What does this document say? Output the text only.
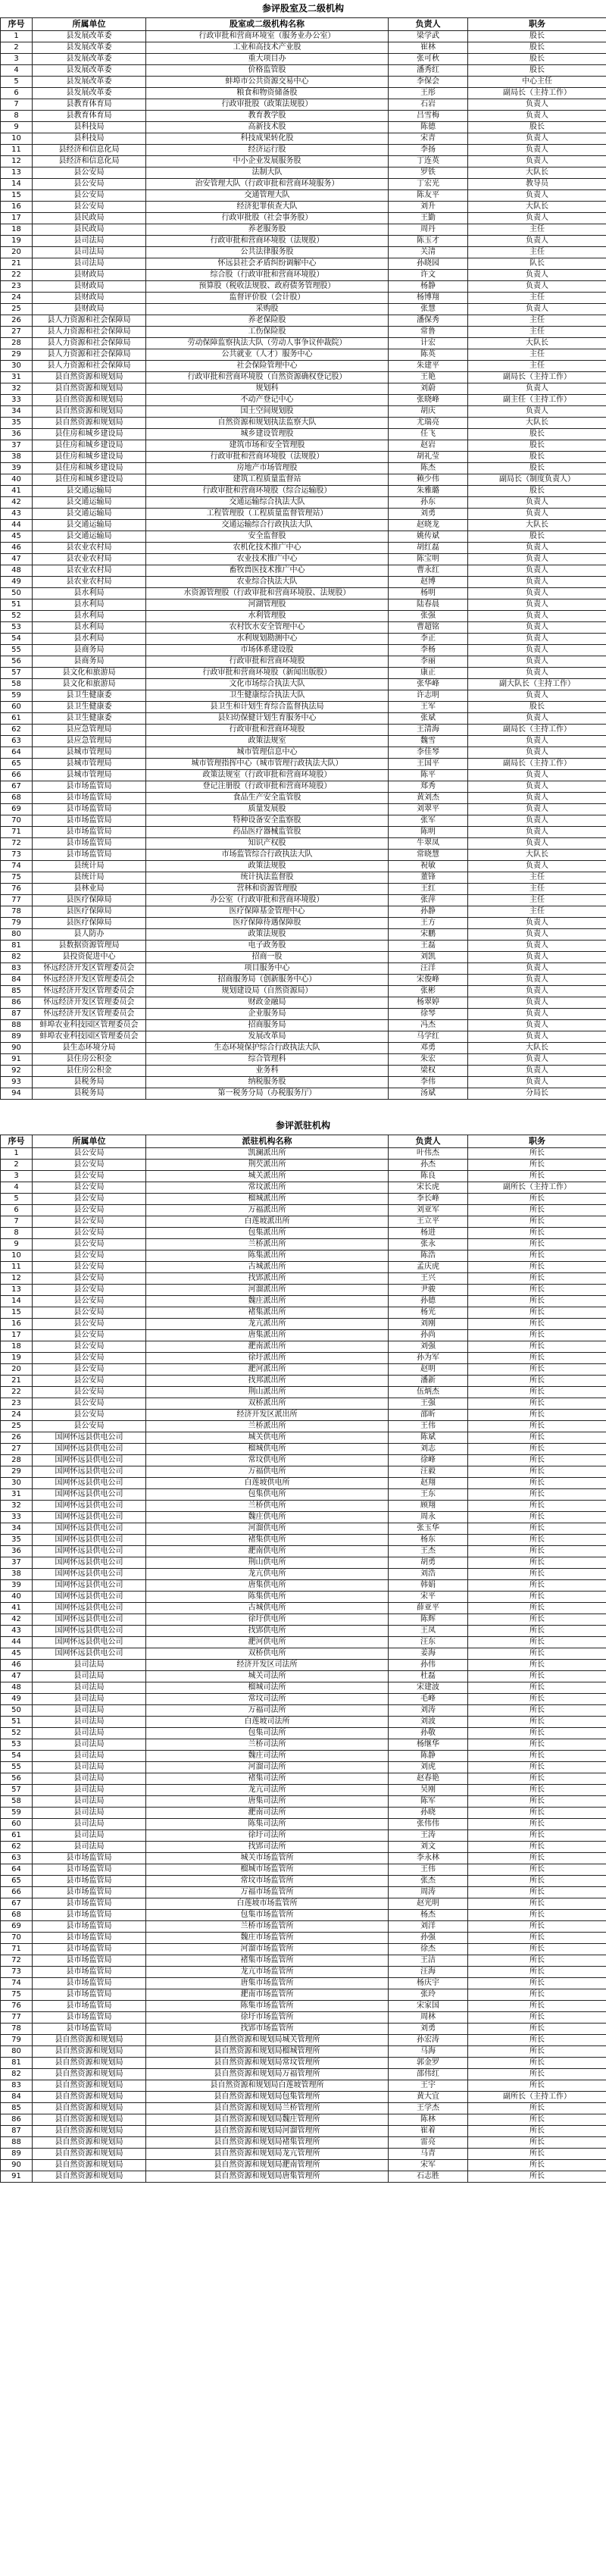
参评股室及二级机构
序号	所属单位	股室或二级机构名称	负责人	职务
1	县发展改革委	行政审批和营商环境室（服务业办公室）	梁学武	股长
2	县发展改革委	工业和高技术产业股	崔林	股长
3	县发展改革委	重大项目办	张可秋	股长
4	县发展改革委	价格监管股	潘秀红	股长
5	县发展改革委	蚌埠市公共资源交易中心	李保会	中心主任
6	县发展改革委	粮食和物资储备股	王彤	副局长（主持工作）
7	县教育体育局	行政审批股（政策法规股）	石岩	负责人
8	县教育体育局	教育教学股	吕雪梅	负责人
9	县科技局	高新技术股	陈德	股长
10	县科技局	科技成果转化股	宋青	负责人
11	县经济和信息化局	经济运行股	李扬	负责人
12	县经济和信息化局	中小企业发展服务股	丁连英	负责人
13	县公安局	法制大队	罗铁	大队长
14	县公安局	治安管理大队（行政审批和营商环境服务）	丁宏光	教导员
15	县公安局	交通管理大队	陈友平	负责人
16	县公安局	经济犯罪侦查大队	刘升	大队长
17	县民政局	行政审批股（社会事务股）	王勤	负责人
18	县民政局	养老服务股	周丹	主任
19	县司法局	行政审批和营商环境股（法规股）	陈玉才	负责人
20	县司法局	公共法律服务股	关清	主任
21	县司法局	怀远县社会矛盾纠纷调解中心	孙晓园	队长
22	县财政局	综合股（行政审批和营商环境股）	许文	负责人
23	县财政局	预算股（税收法规股、政府债务管理股）	杨静	负责人
24	县财政局	监督评价股（会计股）	杨博翔	主任
25	县财政局	采购股	张慧	负责人
26	县人力资源和社会保障局	养老保险股	潘保秀	主任
27	县人力资源和社会保障局	工伤保险股	常鲁	主任
28	县人力资源和社会保障局	劳动保障监察执法大队（劳动人事争议仲裁院）	计宏	大队长
29	县人力资源和社会保障局	公共就业（人才）服务中心	陈英	主任
30	县人力资源和社会保障局	社会保险管理中心	朱建平	主任
31	县自然资源和规划局	行政审批和营商环境股（自然资源确权登记股）	王艳	副局长（主持工作）
32	县自然资源和规划局	规划科	刘蔚	负责人
33	县自然资源和规划局	不动产登记中心	张晓峰	副主任（主持工作）
34	县自然资源和规划局	国土空间规划股	胡庆	负责人
35	县自然资源和规划局	自然资源和规划执法监察大队	尤瑞亮	大队长
36	县住房和城乡建设局	城乡建设管理股	任飞	股长
37	县住房和城乡建设局	建筑市场和安全管理股	赵岩	股长
38	县住房和城乡建设局	行政审批和营商环境股（法规股）	胡礼莹	股长
39	县住房和城乡建设局	房地产市场管理股	陈杰	股长
40	县住房和城乡建设局	建筑工程质量监督站	赖少伟	副局长（制度负责人）
41	县交通运输局	行政审批和营商环境股（综合运输股）	朱雅璐	股长
42	县交通运输局	交通运输综合执法大队	孙东	负责人
43	县交通运输局	工程管理股（工程质量监督管理站）	刘勇	负责人
44	县交通运输局	交通运输综合行政执法大队	赵晓龙	大队长
45	县交通运输局	安全监督股	姚传斌	股长
46	县农业农村局	农机化技术推广中心	胡红磊	负责人
47	县农业农村局	农业技术推广中心	陈宝明	负责人
48	县农业农村局	畜牧兽医技术推广中心	曹永红	负责人
49	县农业农村局	农业综合执法大队	赵博	负责人
50	县水利局	水资源管理股（行政审批和营商环境股、法规股）	杨明	负责人
51	县水利局	河湖管理股	陆春晨	负责人
52	县水利局	水利管理股	张强	负责人
53	县水利局	农村饮水安全管理中心	曹超铭	负责人
54	县水利局	水利规划勘测中心	李正	负责人
55	县商务局	市场体系建设股	李杨	负责人
56	县商务局	行政审批和营商环境股	李丽	负责人
57	县文化和旅游局	行政审批和营商环境股（新闻出版股）	康正	负责人
58	县文化和旅游局	文化市场综合执法大队	张华峰	副大队长（主持工作）
59	县卫生健康委	卫生健康综合执法大队	许志明	负责人
60	县卫生健康委	县卫生和计划生育综合监督执法局	王军	股长
61	县卫生健康委	县妇幼保健计划生育服务中心	张斌	负责人
62	县应急管理局	行政审批和营商环境股	王清海	副局长（主持工作）
63	县应急管理局	政策法规室	魏雪	负责人
64	县城市管理局	城市管理信息中心	李佳琴	负责人
65	县城市管理局	城市管理指挥中心（城市管理行政执法大队）	王国平	副局长（主持工作）
66	县城市管理局	政策法规室（行政审批和营商环境股）	陈平	负责人
67	县市场监管局	登记注册股（行政审批和营商环境股）	郑秀	负责人
68	县市场监管局	食品生产安全监管股	黄刘杰	负责人
69	县市场监管局	质量发展股	刘翠平	负责人
70	县市场监管局	特种设备安全监察股	张军	负责人
71	县市场监管局	药品医疗器械监管股	陈明	负责人
72	县市场监管局	知识产权股	牛翠凤	负责人
73	县市场监管局	市场监管综合行政执法大队	常晓慧	大队长
74	县统计局	政策法规股	祝敏	负责人
75	县统计局	统计执法监督股	董锋	主任
76	县林业局	营林和资源管理股	王红	主任
77	县医疗保障局	办公室（行政审批和营商环境股）	张萍	主任
78	县医疗保障局	医疗保障基金管理中心	孙静	主任
79	县医疗保障局	医疗保障待遇保障股	王方	负责人
80	县人防办	政策法规股	宋鹏	负责人
81	县数据资源管理局	电子政务股	王磊	负责人
82	县投资促进中心	招商一股	刘凯	负责人
83	怀远经济开发区管理委员会	项目服务中心	汪洋	负责人
84	怀远经济开发区管理委员会	招商服务局（创新服务中心）	宋俊峰	负责人
85	怀远经济开发区管理委员会	规划建设局（自然资源局）	张彬	负责人
86	怀远经济开发区管理委员会	财政金融局	杨翠婷	负责人
87	怀远经济开发区管理委员会	企业服务局	徐琴	负责人
88	蚌埠农业科技园区管理委员会	招商服务局	冯杰	负责人
89	蚌埠农业科技园区管理委员会	发展改革局	马学红	负责人
90	县生态环境分局	生态环境保护综合行政执法大队	邓勇	大队长
91	县住房公积金	综合管理科	朱宏	负责人
92	县住房公积金	业务科	梁权	负责人
93	县税务局	纳税服务股	李伟	负责人
94	县税务局	第一税务分局（办税服务厅）	汤斌	分局长
参评派驻机构
序号	所属单位	派驻机构名称	负责人	职务
1	县公安局	凯澜派出所	叶伟杰	所长
2	县公安局	荆芡派出所	孙杰	所长
3	县公安局	城关派出所	陈良	所长
4	县公安局	常坟派出所	宋长虎	副所长（主持工作）
5	县公安局	榴城派出所	李长峰	所长
6	县公安局	万福派出所	刘亚军	所长
7	县公安局	白莲坡派出所	王立平	所长
8	县公安局	包集派出所	杨进	所长
9	县公安局	兰桥派出所	张永	所长
10	县公安局	陈集派出所	陈浩	所长
11	县公安局	古城派出所	孟庆虎	所长
12	县公安局	找郢派出所	王兴	所长
13	县公安局	河溜派出所	尹骏	所长
14	县公安局	魏庄派出所	孙德	所长
15	县公安局	褚集派出所	杨光	所长
16	县公安局	龙亢派出所	刘刚	所长
17	县公安局	唐集派出所	孙尚	所长
18	县公安局	淝南派出所	刘强	所长
19	县公安局	徐圩派出所	孙为军	所长
20	县公安局	淝河派出所	赵明	所长
21	县公安局	找邦派出所	潘新	所长
22	县公安局	荆山派出所	伍炳杰	所长
23	县公安局	双桥派出所	王强	所长
24	县公安局	经济开发区派出所	邵昕	所长
25	县公安局	兰桥派出所	王伟	所长
26	国网怀远县供电公司	城关供电所	陈斌	所长
27	国网怀远县供电公司	榴城供电所	刘志	所长
28	国网怀远县供电公司	常坟供电所	徐峰	所长
29	国网怀远县供电公司	万福供电所	汪毅	所长
30	国网怀远县供电公司	白莲坡供电所	赵翔	所长
31	国网怀远县供电公司	包集供电所	王东	所长
32	国网怀远县供电公司	兰桥供电所	顾翔	所长
33	国网怀远县供电公司	魏庄供电所	周永	所长
34	国网怀远县供电公司	河溜供电所	张玉华	所长
35	国网怀远县供电公司	褚集供电所	杨东	所长
36	国网怀远县供电公司	淝南供电所	王杰	所长
37	国网怀远县供电公司	荆山供电所	胡勇	所长
38	国网怀远县供电公司	龙亢供电所	刘浩	所长
39	国网怀远县供电公司	唐集供电所	韩娟	所长
40	国网怀远县供电公司	陈集供电所	宋平	所长
41	国网怀远县供电公司	古城供电所	薛亚平	所长
42	国网怀远县供电公司	徐圩供电所	陈辉	所长
43	国网怀远县供电公司	找郢供电所	王凤	所长
44	国网怀远县供电公司	淝河供电所	汪东	所长
45	国网怀远县供电公司	双桥供电所	姜海	所长
46	县司法局	经济开发区司法所	孙伟	所长
47	县司法局	城关司法所	杜磊	所长
48	县司法局	榴城司法所	宋建波	所长
49	县司法局	常坟司法所	毛峰	所长
50	县司法局	万福司法所	刘涛	所长
51	县司法局	白莲坡司法所	刘波	所长
52	县司法局	包集司法所	孙敬	所长
53	县司法局	兰桥司法所	杨继华	所长
54	县司法局	魏庄司法所	陈静	所长
55	县司法局	河溜司法所	刘虎	所长
56	县司法局	褚集司法所	赵春艳	所长
57	县司法局	龙亢司法所	吴刚	所长
58	县司法局	唐集司法所	陈军	所长
59	县司法局	淝南司法所	孙晓	所长
60	县司法局	陈集司法所	张伟伟	所长
61	县司法局	徐圩司法所	王涛	所长
62	县司法局	找郢司法所	刘文	所长
63	县市场监管局	城关市场监管所	李永林	所长
64	县市场监管局	榴城市场监管所	王伟	所长
65	县市场监管局	常坟市场监管所	张杰	所长
66	县市场监管局	万福市场监管所	周涛	所长
67	县市场监管局	白莲坡市场监管所	赵光明	所长
68	县市场监管局	包集市场监管所	杨杰	所长
69	县市场监管局	兰桥市场监管所	刘洋	所长
70	县市场监管局	魏庄市场监管所	孙强	所长
71	县市场监管局	河溜市场监管所	徐杰	所长
72	县市场监管局	褚集市场监管所	王洁	所长
73	县市场监管局	龙亢市场监管所	汪海	所长
74	县市场监管局	唐集市场监管所	杨庆宇	所长
75	县市场监管局	淝南市场监管所	张玲	所长
76	县市场监管局	陈集市场监管所	宋家国	所长
77	县市场监管局	徐圩市场监管所	周林	所长
78	县市场监管局	找郢市场监管所	刘勇	所长
79	县自然资源和规划局	县自然资源和规划局城关管理所	孙宏涛	所长
80	县自然资源和规划局	县自然资源和规划局榴城管理所	马海	所长
81	县自然资源和规划局	县自然资源和规划局常坟管理所	郭金罗	所长
82	县自然资源和规划局	县自然资源和规划局万福管理所	邵伟红	所长
83	县自然资源和规划局	县自然资源和规划局白莲坡管理所	王宇	所长
84	县自然资源和规划局	县自然资源和规划局包集管理所	黄大宜	副所长（主持工作）
85	县自然资源和规划局	县自然资源和规划局兰桥管理所	王学杰	所长
86	县自然资源和规划局	县自然资源和规划局魏庄管理所	陈林	所长
87	县自然资源和规划局	县自然资源和规划局河溜管理所	崔着	所长
88	县自然资源和规划局	县自然资源和规划局褚集管理所	雷亮	所长
89	县自然资源和规划局	县自然资源和规划局龙亢管理所	马青	所长
90	县自然资源和规划局	县自然资源和规划局淝南管理所	宋军	所长
91	县自然资源和规划局	县自然资源和规划局唐集管理所	石志胜	所长
